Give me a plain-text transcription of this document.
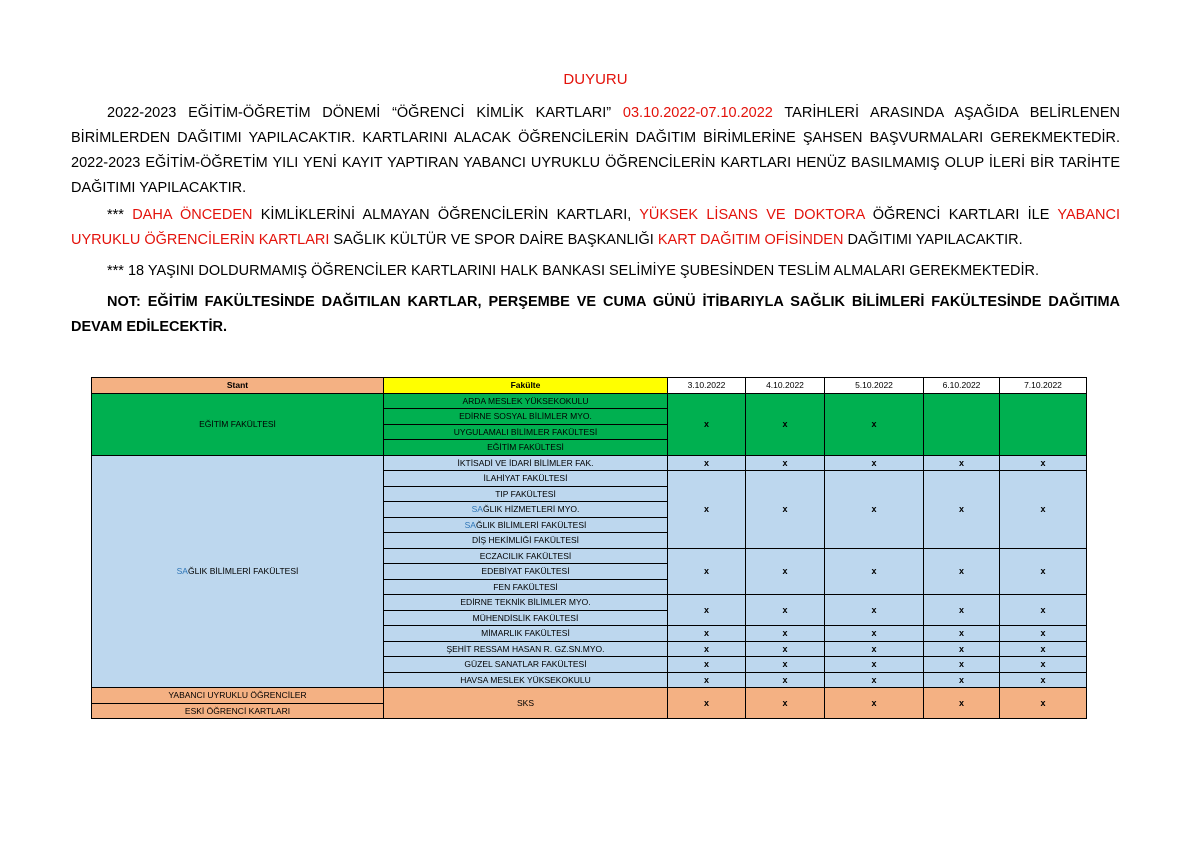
DUYURU

2022-2023 EĞİTİM-ÖĞRETİM DÖNEMİ “ÖĞRENCİ KİMLİK KARTLARI” 03.10.2022-07.10.2022 TARİHLERİ ARASINDA AŞAĞIDA BELİRLENEN BİRİMLERDEN DAĞITIMI YAPILACAKTIR. KARTLARINI ALACAK ÖĞRENCİLERİN DAĞITIM BİRİMLERİNE ŞAHSEN BAŞVURMALARI GEREKMEKTEDİR. 2022-2023 EĞİTİM-ÖĞRETİM YILI YENİ KAYIT YAPTIRAN YABANCI UYRUKLU ÖĞRENCİLERİN KARTLARI HENÜZ BASILMAMIŞ OLUP İLERİ BİR TARİHTE DAĞITIMI YAPILACAKTIR.

*** DAHA ÖNCEDEN KİMLİKLERİNİ ALMAYAN ÖĞRENCİLERİN KARTLARI, YÜKSEK LİSANS VE DOKTORA ÖĞRENCİ KARTLARI İLE YABANCI UYRUKLU ÖĞRENCİLERİN KARTLARI SAĞLIK KÜLTÜR VE SPOR DAİRE BAŞKANLIĞI KART DAĞITIM OFİSİNDEN DAĞITIMI YAPILACAKTIR.

*** 18 YAŞINI DOLDURMAMIŞ ÖĞRENCİLER KARTLARINI HALK BANKASI SELİMİYE ŞUBESİNDEN TESLİM ALMALARI GEREKMEKTEDİR.

NOT: EĞİTİM FAKÜLTESİNDE DAĞITILAN KARTLAR, PERŞEMBE VE CUMA GÜNÜ İTİBARIYLA SAĞLIK BİLİMLERİ FAKÜLTESİNDE DAĞITIMA DEVAM EDİLECEKTİR.

Stant	Fakülte	3.10.2022	4.10.2022	5.10.2022	6.10.2022	7.10.2022
EĞİTİM FAKÜLTESİ	ARDA MESLEK YÜKSEKOKULU	x	x	x		
	EDİRNE SOSYAL BİLİMLER MYO.					
	UYGULAMALI BİLİMLER FAKÜLTESİ					
	EĞİTİM FAKÜLTESİ					
SAĞLIK BİLİMLERİ FAKÜLTESİ	İKTİSADİ VE İDARİ BİLİMLER FAK.	x	x	x	x	x
	İLAHİYAT FAKÜLTESİ	x	x	x	x	x
	TIP FAKÜLTESİ					
	SAĞLIK HİZMETLERİ MYO.					
	SAĞLIK BİLİMLERİ FAKÜLTESİ					
	DİŞ HEKİMLİĞİ FAKÜLTESİ					
	ECZACILIK FAKÜLTESİ	x	x	x	x	x
	EDEBİYAT FAKÜLTESİ					
	FEN FAKÜLTESİ					
	EDİRNE TEKNİK BİLİMLER MYO.	x	x	x	x	x
	MÜHENDİSLİK FAKÜLTESİ					
	MİMARLIK FAKÜLTESİ	x	x	x	x	x
	ŞEHİT RESSAM HASAN R. GZ.SN.MYO.	x	x	x	x	x
	GÜZEL SANATLAR FAKÜLTESİ	x	x	x	x	x
	HAVSA MESLEK YÜKSEKOKULU	x	x	x	x	x
YABANCI UYRUKLU ÖĞRENCİLER	SKS	x	x	x	x	x
ESKİ ÖĞRENCİ KARTLARI						
